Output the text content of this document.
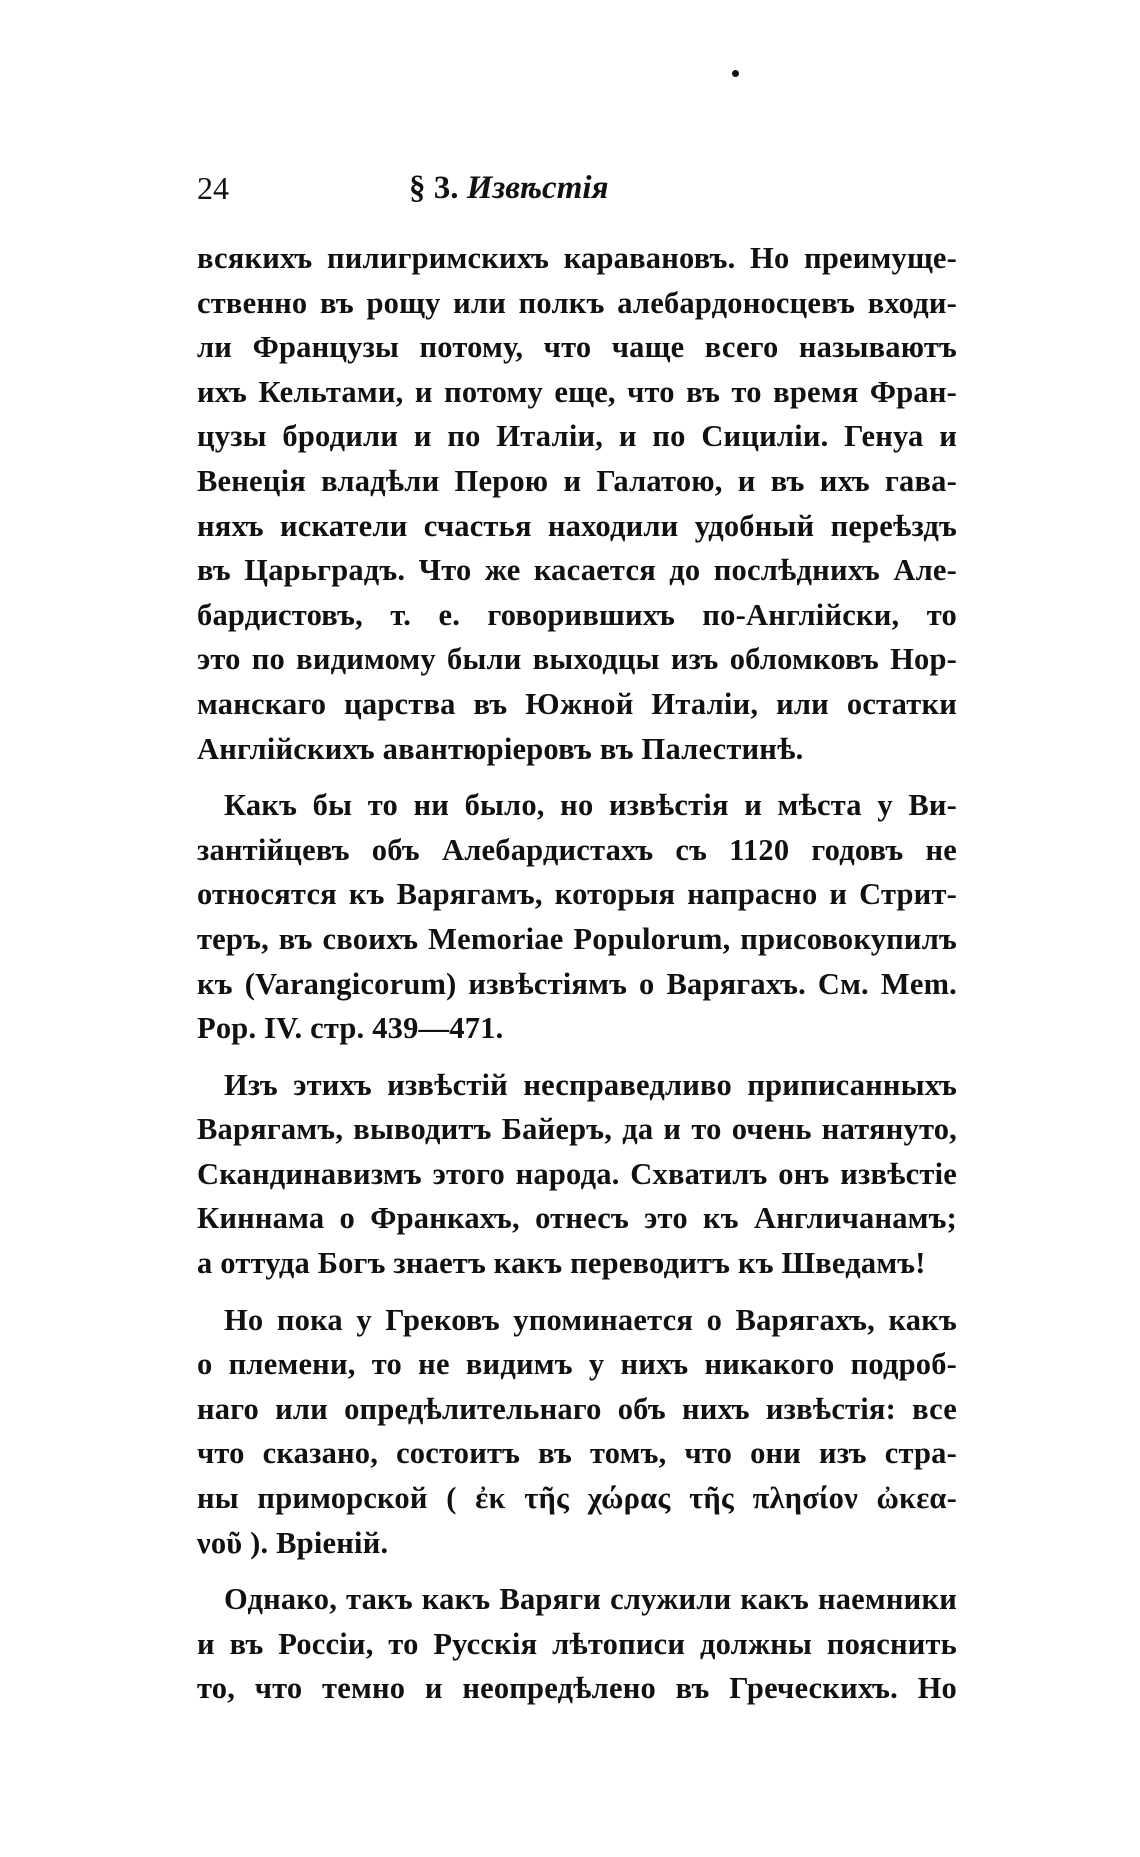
24	§ 3. Извѣстія
всякихъ пилигримскихъ каравановъ. Но преимуще-
ственно въ рощу или полкъ алебардоносцевъ входи-
ли Французы потому, что чаще всего называютъ
ихъ Кельтами, и потому еще, что въ то время Фран-
цузы бродили и по Италіи, и по Сициліи. Генуа и
Венеція владѣли Перою и Галатою, и въ ихъ гава-
няхъ искатели счастья находили удобный переѣздъ
въ Царьградъ. Что же касается до послѣднихъ Але-
бардистовъ, т. е. говорившихъ по-Англійски, то
это по видимому были выходцы изъ обломковъ Нор-
манскаго царства въ Южной Италіи, или остатки
Англійскихъ авантюріеровъ въ Палестинѣ.
Какъ бы то ни было, но извѣстія и мѣста у Ви-
зантійцевъ объ Алебардистахъ съ 1120 годовъ не
относятся къ Варягамъ, которыя напрасно и Стрит-
теръ, въ своихъ Memoriae Populorum, присовокупилъ
къ (Varangicorum) извѣстіямъ о Варягахъ. См. Mem.
Pop. IV. стр. 439—471.
Изъ этихъ извѣстій несправедливо приписанныхъ
Варягамъ, выводитъ Байеръ, да и то очень натянуто,
Скандинавизмъ этого народа. Схватилъ онъ извѣстіе
Киннама о Франкахъ, отнесъ это къ Англичанамъ;
а оттуда Богъ знаетъ какъ переводитъ къ Шведамъ!
Но пока у Грековъ упоминается о Варягахъ, какъ
о племени, то не видимъ у нихъ никакого подроб-
наго или опредѣлительнаго объ нихъ извѣстія: все
что сказано, состоитъ въ томъ, что они изъ стра-
ны приморской ( ἐκ τῆς χώρας τῆς πλησίον ὠκεα-
νοῦ ). Вріеній.
Однако, такъ какъ Варяги служили какъ наемники
и въ Россіи, то Русскія лѣтописи должны пояснить
то, что темно и неопредѣлено въ Греческихъ. Но
